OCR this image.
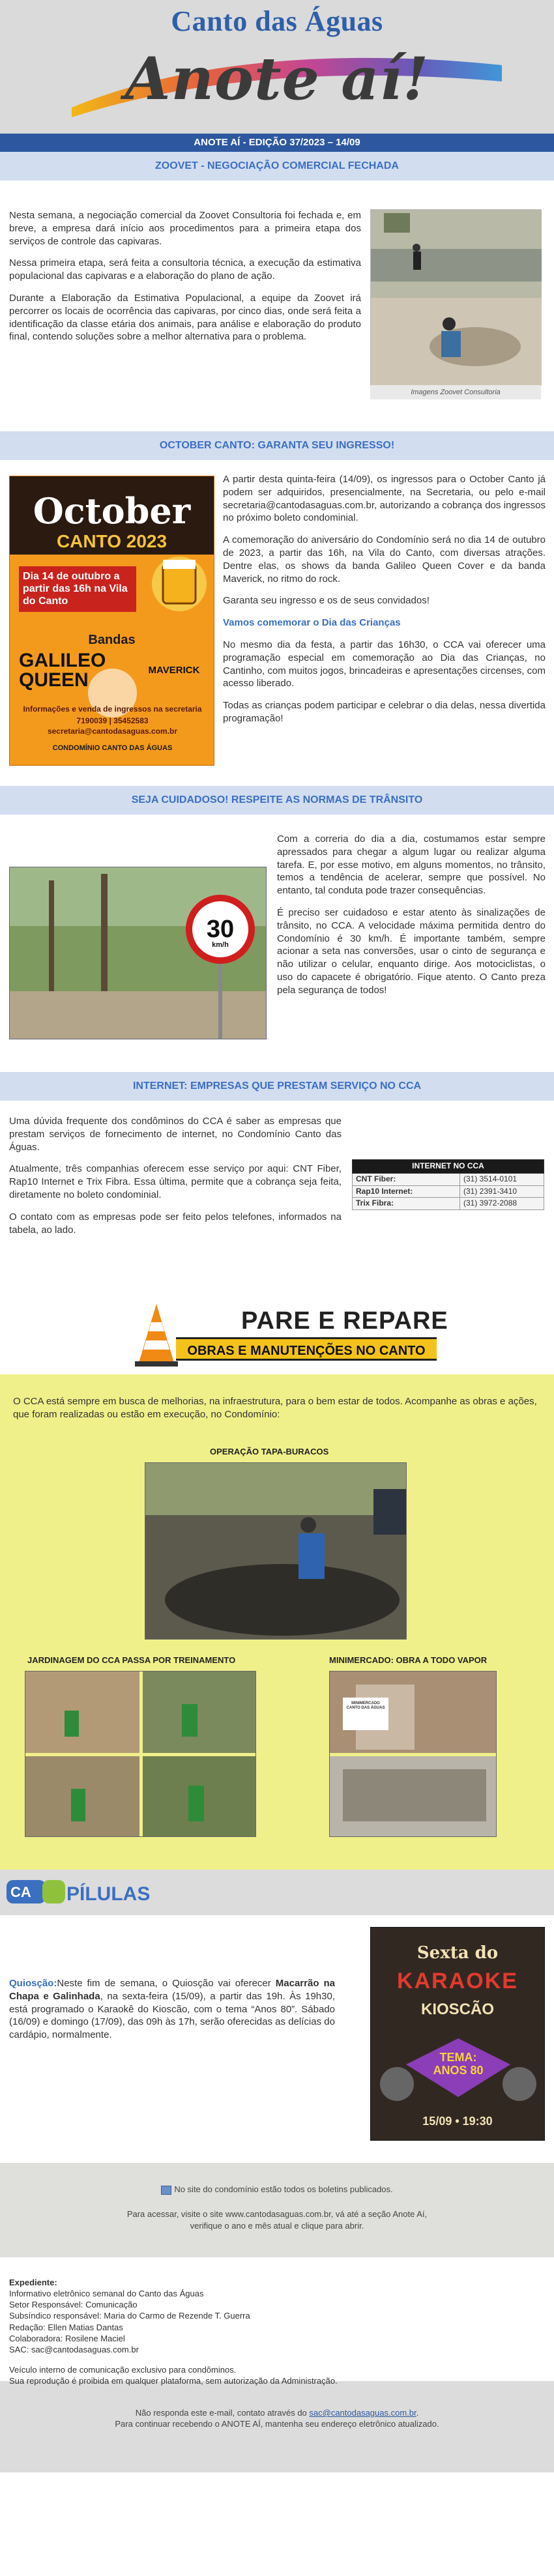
Canto das Águas
Anote aí!
ANOTE AÍ - EDIÇÃO 37/2023 – 14/09
ZOOVET - NEGOCIAÇÃO COMERCIAL FECHADA

Nesta semana, a negociação comercial da Zoovet Consultoria foi fechada e, em breve, a empresa dará início aos procedimentos para a primeira etapa dos serviços de controle das capivaras.

Nessa primeira etapa, será feita a consultoria técnica, a execução da estimativa populacional das capivaras e a elaboração do plano de ação.

Durante a Elaboração da Estimativa Populacional, a equipe da Zoovet irá percorrer os locais de ocorrência das capivaras, por cinco dias, onde será feita a identificação da classe etária dos animais, para análise e elaboração do produto final, contendo soluções sobre a melhor alternativa para o problema.

Imagens Zoovet Consultoria
OCTOBER CANTO: GARANTA SEU INGRESSO!
October
CANTO 2023
Dia 14 de outubro a partir das 16h na Vila do Canto
Bandas
GALILEO QUEEN	MAVERICK
Informações e venda de ingressos na secretaria
7190039 | 35452583
secretaria@cantodasaguas.com.br
CONDOMÍNIO CANTO DAS ÁGUAS

A partir desta quinta-feira (14/09), os ingressos para o October Canto já podem ser adquiridos, presencialmente, na Secretaria, ou pelo e-mail secretaria@cantodasaguas.com.br, autorizando a cobrança dos ingressos no próximo boleto condominial.

A comemoração do aniversário do Condomínio será no dia 14 de outubro de 2023, a partir das 16h, na Vila do Canto, com diversas atrações. Dentre elas, os shows da banda Galileo Queen Cover e da banda Maverick, no ritmo do rock.

Garanta seu ingresso e os de seus convidados!

Vamos comemorar o Dia das Crianças

No mesmo dia da festa, a partir das 16h30, o CCA vai oferecer uma programação especial em comemoração ao Dia das Crianças, no Cantinho, com muitos jogos, brincadeiras e apresentações circenses, com acesso liberado.

Todas as crianças podem participar e celebrar o dia delas, nessa divertida programação!

SEJA CUIDADOSO! RESPEITE AS NORMAS DE TRÂNSITO
30
km/h

Com a correria do dia a dia, costumamos estar sempre apressados para chegar a algum lugar ou realizar alguma tarefa. E, por esse motivo, em alguns momentos, no trânsito, temos a tendência de acelerar, sempre que possível. No entanto, tal conduta pode trazer consequências.

É preciso ser cuidadoso e estar atento às sinalizações de trânsito, no CCA. A velocidade máxima permitida dentro do Condomínio é 30 km/h. É importante também, sempre acionar a seta nas conversões, usar o cinto de segurança e não utilizar o celular, enquanto dirige. Aos motociclistas, o uso do capacete é obrigatório. Fique atento. O Canto preza pela segurança de todos!

INTERNET: EMPRESAS QUE PRESTAM SERVIÇO NO CCA

Uma dúvida frequente dos condôminos do CCA é saber as empresas que prestam serviços de fornecimento de internet, no Condomínio Canto das Águas.

Atualmente, três companhias oferecem esse serviço por aqui: CNT Fiber, Rap10 Internet e Trix Fibra. Essa última, permite que a cobrança seja feita, diretamente no boleto condominial.

O contato com as empresas pode ser feito pelos telefones, informados na tabela, ao lado.

INTERNET NO CCA	
CNT Fiber:	(31) 3514-0101
Rap10 Internet:	(31) 2391-3410
Trix Fibra:	(31) 3972-2088
PARE E REPARE
OBRAS E MANUTENÇÕES NO CANTO
O CCA está sempre em busca de melhorias, na infraestrutura, para o bem estar de todos. Acompanhe as obras e ações, que foram realizadas ou estão em execução, no Condomínio:
OPERAÇÃO TAPA-BURACOS
JARDINAGEM DO CCA PASSA POR TREINAMENTO	MINIMERCADO: OBRA A TODO VAPOR
MINIMERCADO CANTO DAS ÁGUAS
CA PÍLULAS

Quiosção:Neste fim de semana, o Quiosção vai oferecer Macarrão na Chapa e Galinhada, na sexta-feira (15/09), a partir das 19h. Às 19h30, está programado o Karaokê do Kioscão, com o tema “Anos 80”. Sábado (16/09) e domingo (17/09), das 09h às 17h, serão oferecidas as delícias do cardápio, normalmente.

Sexta do
KARAOKE
KIOSCÃO
TEMA: ANOS 80
15/09 • 19:30
No site do condomínio estão todos os boletins publicados.
Para acessar, visite o site www.cantodasaguas.com.br, vá até a seção Anote Aí,
verifique o ano e mês atual e clique para abrir.
Expediente:
Informativo eletrônico semanal do Canto das Águas
Setor Responsável: Comunicação
Subsíndico responsável: Maria do Carmo de Rezende T. Guerra
Redação: Ellen Matias Dantas
Colaboradora: Rosilene Maciel
SAC: sac@cantodasaguas.com.br
Veículo interno de comunicação exclusivo para condôminos.
Sua reprodução é proibida em qualquer plataforma, sem autorização da Administração.
Não responda este e-mail, contato através do sac@cantodasaguas.com.br.
Para continuar recebendo o ANOTE AÍ, mantenha seu endereço eletrônico atualizado.
